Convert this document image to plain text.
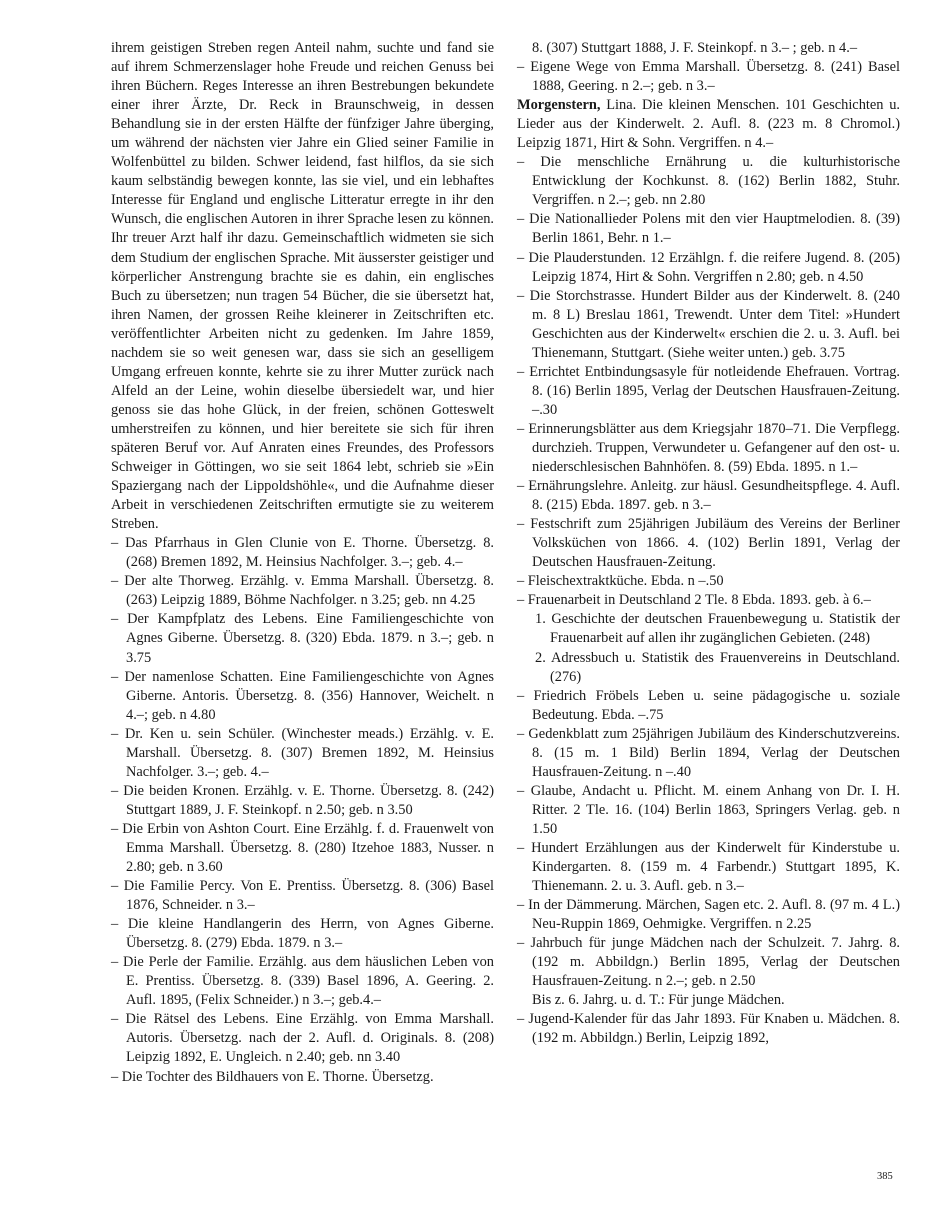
ihrem geistigen Streben regen Anteil nahm, suchte und fand sie auf ihrem Schmerzenslager hohe Freude und reichen Genuss bei ihren Büchern. Reges Interesse an ihren Bestrebungen bekundete einer ihrer Ärzte, Dr. Reck in Braunschweig, in dessen Behandlung sie in der ersten Hälfte der fünfziger Jahre überging, um während der nächsten vier Jahre ein Glied seiner Familie in Wolfenbüttel zu bilden. Schwer leidend, fast hilflos, da sie sich kaum selbständig bewegen konnte, las sie viel, und ein lebhaftes Interesse für England und englische Litteratur erregte in ihr den Wunsch, die englischen Autoren in ihrer Sprache lesen zu können. Ihr treuer Arzt half ihr dazu. Gemeinschaftlich widmeten sie sich dem Studium der englischen Sprache. Mit äusserster geistiger und körperlicher Anstrengung brachte sie es dahin, ein englisches Buch zu übersetzen; nun tragen 54 Bücher, die sie übersetzt hat, ihren Namen, der grossen Reihe kleinerer in Zeitschriften etc. veröffentlichter Arbeiten nicht zu gedenken. Im Jahre 1859, nachdem sie so weit genesen war, dass sie sich an geselligem Umgang erfreuen konnte, kehrte sie zu ihrer Mutter zurück nach Alfeld an der Leine, wohin dieselbe übersiedelt war, und hier genoss sie das hohe Glück, in der freien, schönen Gotteswelt umherstreifen zu können, und hier bereitete sie sich für ihren späteren Beruf vor. Auf Anraten eines Freundes, des Professors Schweiger in Göttingen, wo sie seit 1864 lebt, schrieb sie »Ein Spaziergang nach der Lippoldshöhle«, und die Aufnahme dieser Arbeit in verschiedenen Zeitschriften ermutigte sie zu weiterem Streben.

– Das Pfarrhaus in Glen Clunie von E. Thorne. Übersetzg. 8. (268) Bremen 1892, M. Heinsius Nachfolger. 3.–; geb. 4.–

– Der alte Thorweg. Erzählg. v. Emma Marshall. Übersetzg. 8. (263) Leipzig 1889, Böhme Nachfolger. n 3.25; geb. nn 4.25

– Der Kampfplatz des Lebens. Eine Familiengeschichte von Agnes Giberne. Übersetzg. 8. (320) Ebda. 1879. n 3.–; geb. n 3.75

– Der namenlose Schatten. Eine Familiengeschichte von Agnes Giberne. Antoris. Übersetzg. 8. (356) Hannover, Weichelt. n 4.–; geb. n 4.80

– Dr. Ken u. sein Schüler. (Winchester meads.) Erzählg. v. E. Marshall. Übersetzg. 8. (307) Bremen 1892, M. Heinsius Nachfolger. 3.–; geb. 4.–

– Die beiden Kronen. Erzählg. v. E. Thorne. Übersetzg. 8. (242) Stuttgart 1889, J. F. Steinkopf. n 2.50; geb. n 3.50

– Die Erbin von Ashton Court. Eine Erzählg. f. d. Frauenwelt von Emma Marshall. Übersetzg. 8. (280) Itzehoe 1883, Nusser. n 2.80; geb. n 3.60

– Die Familie Percy. Von E. Prentiss. Übersetzg. 8. (306) Basel 1876, Schneider. n 3.–

– Die kleine Handlangerin des Herrn, von Agnes Giberne. Übersetzg. 8. (279) Ebda. 1879. n 3.–

– Die Perle der Familie. Erzählg. aus dem häuslichen Leben von E. Prentiss. Übersetzg. 8. (339) Basel 1896, A. Geering. 2. Aufl. 1895, (Felix Schneider.) n 3.–; geb.4.–

– Die Rätsel des Lebens. Eine Erzählg. von Emma Marshall. Autoris. Übersetzg. nach der 2. Aufl. d. Originals. 8. (208) Leipzig 1892, E. Ungleich. n 2.40; geb. nn 3.40

– Die Tochter des Bildhauers von E. Thorne. Übersetzg.

8. (307) Stuttgart 1888, J. F. Steinkopf. n 3.– ; geb. n 4.–

– Eigene Wege von Emma Marshall. Übersetzg. 8. (241) Basel 1888, Geering. n 2.–; geb. n 3.–

Morgenstern, Lina. Die kleinen Menschen. 101 Geschichten u. Lieder aus der Kinderwelt. 2. Aufl. 8. (223 m. 8 Chromol.) Leipzig 1871, Hirt & Sohn. Vergriffen. n 4.–

– Die menschliche Ernährung u. die kulturhistorische Entwicklung der Kochkunst. 8. (162) Berlin 1882, Stuhr. Vergriffen. n 2.–; geb. nn 2.80

– Die Nationallieder Polens mit den vier Hauptmelodien. 8. (39) Berlin 1861, Behr. n 1.–

– Die Plauderstunden. 12 Erzählgn. f. die reifere Jugend. 8. (205) Leipzig 1874, Hirt & Sohn. Vergriffen n 2.80; geb. n 4.50

– Die Storchstrasse. Hundert Bilder aus der Kinderwelt. 8. (240 m. 8 L) Breslau 1861, Trewendt. Unter dem Titel: »Hundert Geschichten aus der Kinderwelt« erschien die 2. u. 3. Aufl. bei Thienemann, Stuttgart. (Siehe weiter unten.) geb. 3.75

– Errichtet Entbindungsasyle für notleidende Ehefrauen. Vortrag. 8. (16) Berlin 1895, Verlag der Deutschen Hausfrauen-Zeitung. –.30

– Erinnerungsblätter aus dem Kriegsjahr 1870–71. Die Verpflegg. durchzieh. Truppen, Verwundeter u. Gefangener auf den ost- u. niederschlesischen Bahnhöfen. 8. (59) Ebda. 1895. n 1.–

– Ernährungslehre. Anleitg. zur häusl. Gesundheitspflege. 4. Aufl. 8. (215) Ebda. 1897. geb. n 3.–

– Festschrift zum 25jährigen Jubiläum des Vereins der Berliner Volksküchen von 1866. 4. (102) Berlin 1891, Verlag der Deutschen Hausfrauen-Zeitung.

– Fleischextraktküche. Ebda. n –.50

– Frauenarbeit in Deutschland 2 Tle. 8 Ebda. 1893. geb. à 6.–

1. Geschichte der deutschen Frauenbewegung u. Statistik der Frauenarbeit auf allen ihr zugänglichen Gebieten. (248)

2. Adressbuch u. Statistik des Frauenvereins in Deutschland. (276)

– Friedrich Fröbels Leben u. seine pädagogische u. soziale Bedeutung. Ebda. –.75

– Gedenkblatt zum 25jährigen Jubiläum des Kinderschutzvereins. 8. (15 m. 1 Bild) Berlin 1894, Verlag der Deutschen Hausfrauen-Zeitung. n –.40

– Glaube, Andacht u. Pflicht. M. einem Anhang von Dr. I. H. Ritter. 2 Tle. 16. (104) Berlin 1863, Springers Verlag. geb. n 1.50

– Hundert Erzählungen aus der Kinderwelt für Kinderstube u. Kindergarten. 8. (159 m. 4 Farbendr.) Stuttgart 1895, K. Thienemann. 2. u. 3. Aufl. geb. n 3.–

– In der Dämmerung. Märchen, Sagen etc. 2. Aufl. 8. (97 m. 4 L.) Neu-Ruppin 1869, Oehmigke. Vergriffen. n 2.25

– Jahrbuch für junge Mädchen nach der Schulzeit. 7. Jahrg. 8. (192 m. Abbildgn.) Berlin 1895, Verlag der Deutschen Hausfrauen-Zeitung. n 2.–; geb. n 2.50

Bis z. 6. Jahrg. u. d. T.: Für junge Mädchen.

– Jugend-Kalender für das Jahr 1893. Für Knaben u. Mädchen. 8. (192 m. Abbildgn.) Berlin, Leipzig 1892,

385
